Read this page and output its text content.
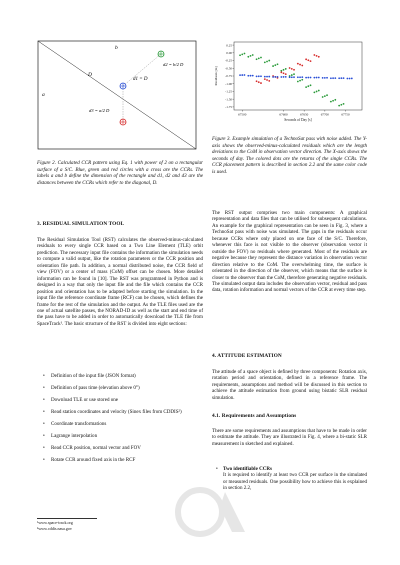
b
D
a
d1 = D
d2 = b/2 D
d3 = a/2 D
Figure 2. Calculated CCR pattern using Eq. 1 with power of 2 on a rectangular surface of a S/C. Blue, green and red circles with a cross are the CCRs. The labels a and b define the dimension of the rectangle and d1, d2 and d3 are the distances between the CCRs which refer to the diagonal, D.
3. RESIDUAL SIMULATION TOOL
The Residual Simulation Tool (RST) calculates the observed-minus-calculated residuals to every single CCR based on a Two Line Element (TLE) orbit prediction. The necessary input file contains the information the simulation needs to compute a valid output, like the rotation parameters or the CCR position and orientation file path. In addition, a normal distributed noise, the CCR field of view (FOV) or a center of mass (CoM) offset can be chosen. More detailed information can be found in [10]. The RST was programmed in Python and is designed in a way that only the input file and the file which contains the CCR position and orientation has to be adapted before starting the simulation. In the input file the reference coordinate frame (RCF) can be chosen, which defines the frame for the rest of the simulation and the output. As the TLE files used are the one of actual satellite passes, the NORAD-ID as well as the start and end time of the pass have to be added in order to automatically download the TLE file from SpaceTrack¹. The basic structure of the RST is divided into eight sections:
• Definition of the input file (JSON format)
• Definition of pass time (elevation above 0°)
• Download TLE or use stored one
• Read station coordinates and velocity (Sinex files from CDDIS²)
• Coordinate transformations
• Lagrange interpolation
• Read CCR position, normal vector and FOV
• Rotate CCR around fixed axis in the RCF
¹www.space-track.org
²www.cddis.nasa.gov
0.25
0.00
-0.25
-0.50
-0.75
-1.00
-1.25
-1.50
-1.75
67500	67600	67650	67700	67750
Residuals [m]
Seconds of Day [s]
Figure 3. Example simulation of a TechnoSat pass with noise added. The Y-axis shows the observed-minus-calculated residuals which are the length deviations to the CoM in observation vector direction. The X-axis shows the seconds of day. The colored dots are the returns of the single CCRs. The CCR placement pattern is described in section 2.2 and the same color code is used.
The RST output comprises two main components: A graphical representation and data files that can be utilised for subsequent calculations. An example for the graphical representation can be seen in Fig. 3, where a TechnoSat pass with noise was simulated. The gaps in the residuals occur because CCRs where only placed on one face of the S/C. Therefore, whenever this face is not visible to the observer (observation vector it outside the FOV) no residuals where generated. Most of the residuals are negative because they represent the distance variation in observation vector direction relative to the CoM. The overwhelming time, the surface is orientated in the direction of the observer, which means that the surface is closer to the observer than the CoM, therefore generating negative residuals. The simulated output data includes the observation vector, residual and pass data, rotation information and normal vectors of the CCR at every time step.
4. ATTITUDE ESTIMATION
The attitude of a space object is defined by three components: Rotation axis, rotation period and orientation, defined in a reference frame. The requirements, assumptions and method will be discussed in this section to achieve the attitude estimation from ground using bistatic SLR residual simulation.
4.1. Requirements and Assumptions
There are some requirements and assumptions that have to be made in order to estimate the attitude. They are illustrated in Fig. 4, where a bi-static SLR measurement in sketched and explained.
• Two identifiable CCRs
It is required to identify at least two CCR per surface in the simulated or measured residuals. One possibility how to achieve this is explained in section 2.2,
